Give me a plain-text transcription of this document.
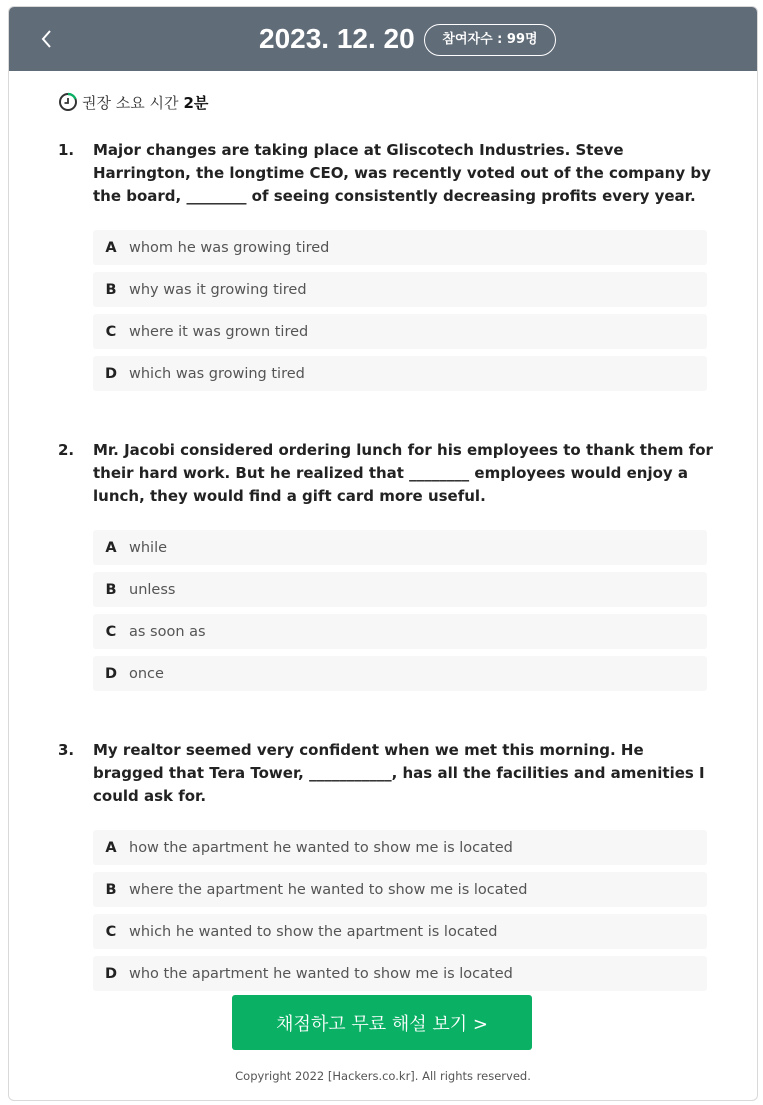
2023. 12. 20	참여자수 : 99명
권장 소요 시간 2분
1. Major changes are taking place at Gliscotech Industries. Steve Harrington, the longtime CEO, was recently voted out of the company by the board, ________ of seeing consistently decreasing profits every year.
A whom he was growing tired
B why was it growing tired
C where it was grown tired
D which was growing tired
2. Mr. Jacobi considered ordering lunch for his employees to thank them for their hard work. But he realized that ________ employees would enjoy a lunch, they would find a gift card more useful.
A while
B unless
C as soon as
D once
3. My realtor seemed very confident when we met this morning. He bragged that Tera Tower, ___________, has all the facilities and amenities I could ask for.
A how the apartment he wanted to show me is located
B where the apartment he wanted to show me is located
C which he wanted to show the apartment is located
D who the apartment he wanted to show me is located
채점하고 무료 해설 보기 >
Copyright 2022 [Hackers.co.kr]. All rights reserved.
